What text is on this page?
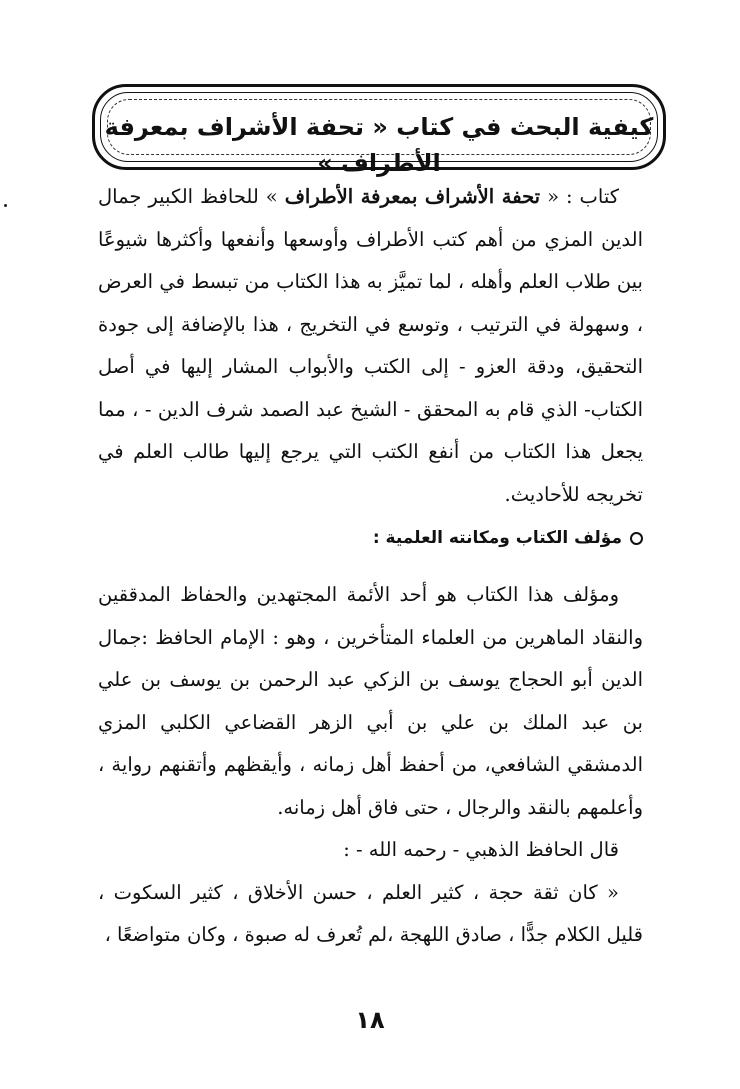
كيفية البحث في كتاب « تحفة الأشراف بمعرفة الأطراف »

كتاب : « تحفة الأشراف بمعرفة الأطراف » للحافظ الكبير جمال الدين المزي من أهم كتب الأطراف وأوسعها وأنفعها وأكثرها شيوعًا بين طلاب العلم وأهله ، لما تميَّز به هذا الكتاب من تبسط في العرض ، وسهولة في الترتيب ، وتوسع في التخريج ، هذا بالإضافة إلى جودة التحقيق، ودقة العزو - إلى الكتب والأبواب المشار إليها في أصل الكتاب- الذي قام به المحقق - الشيخ عبد الصمد شرف الدين - ، مما يجعل هذا الكتاب من أنفع الكتب التي يرجع إليها طالب العلم في تخريجه للأحاديث.

مؤلف الكتاب ومكانته العلمية :

ومؤلف هذا الكتاب هو أحد الأئمة المجتهدين والحفاظ المدققين والنقاد الماهرين من العلماء المتأخرين ، وهو : الإمام الحافظ :جمال الدين أبو الحجاج يوسف بن الزكي عبد الرحمن بن يوسف بن علي بن عبد الملك بن علي بن أبي الزهر القضاعي الكلبي المزي الدمشقي الشافعي، من أحفظ أهل زمانه ، وأيقظهم وأتقنهم رواية ، وأعلمهم بالنقد والرجال ، حتى فاق أهل زمانه.

قال الحافظ الذهبي - رحمه الله - :

« كان ثقة حجة ، كثير العلم ، حسن الأخلاق ، كثير السكوت ، قليل الكلام جدًّا ، صادق اللهجة ،لم تُعرف له صبوة ، وكان متواضعًا ،

١٨
